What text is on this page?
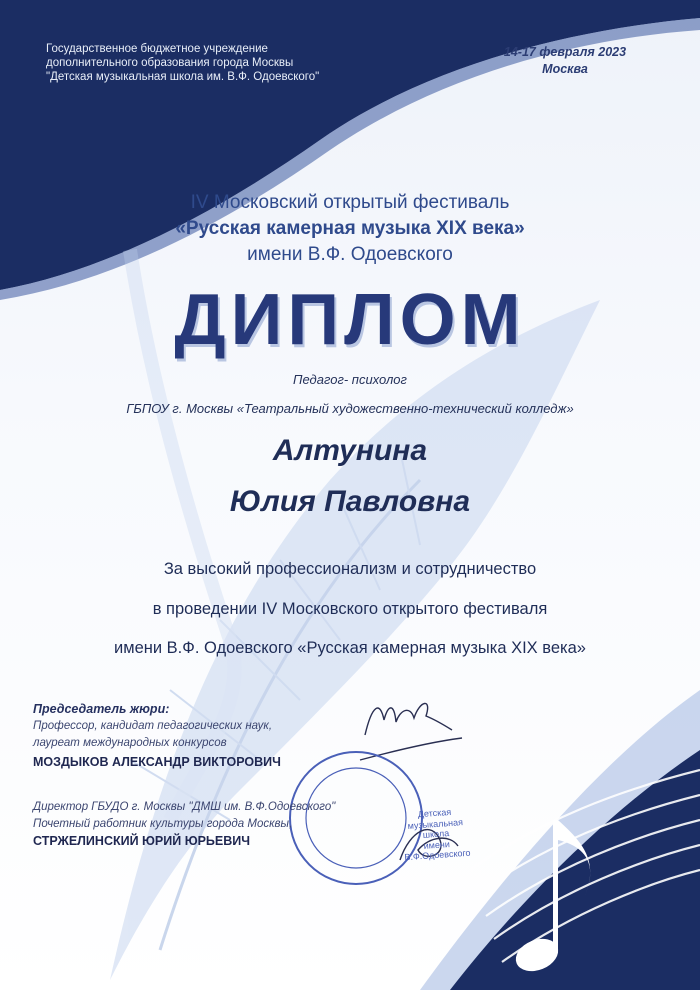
Государственное бюджетное учреждение
дополнительного образования города Москвы
"Детская музыкальная школа им. В.Ф. Одоевского"
14-17 февраля 2023
Москва
IV Московский открытый фестиваль
«Русская камерная музыка XIX века»
имени В.Ф. Одоевского
ДИПЛОМ
Педагог- психолог
ГБПОУ г. Москвы «Театральный художественно-технический колледж»
Алтунина
Юлия Павловна
За высокий профессионализм и сотрудничество
в проведении IV Московского открытого фестиваля
имени В.Ф. Одоевского «Русская камерная музыка XIX века»
Председатель жюри:
Профессор, кандидат педагогических наук,
лауреат международных конкурсов
МОЗДЫКОВ АЛЕКСАНДР ВИКТОРОВИЧ
Директор ГБУДО г. Москвы "ДМШ им. В.Ф.Одоевского"
Почетный работник культуры города Москвы,
СТРЖЕЛИНСКИЙ ЮРИЙ ЮРЬЕВИЧ
Детская
музыкальная
школа
имени
В.Ф.Одоевского
